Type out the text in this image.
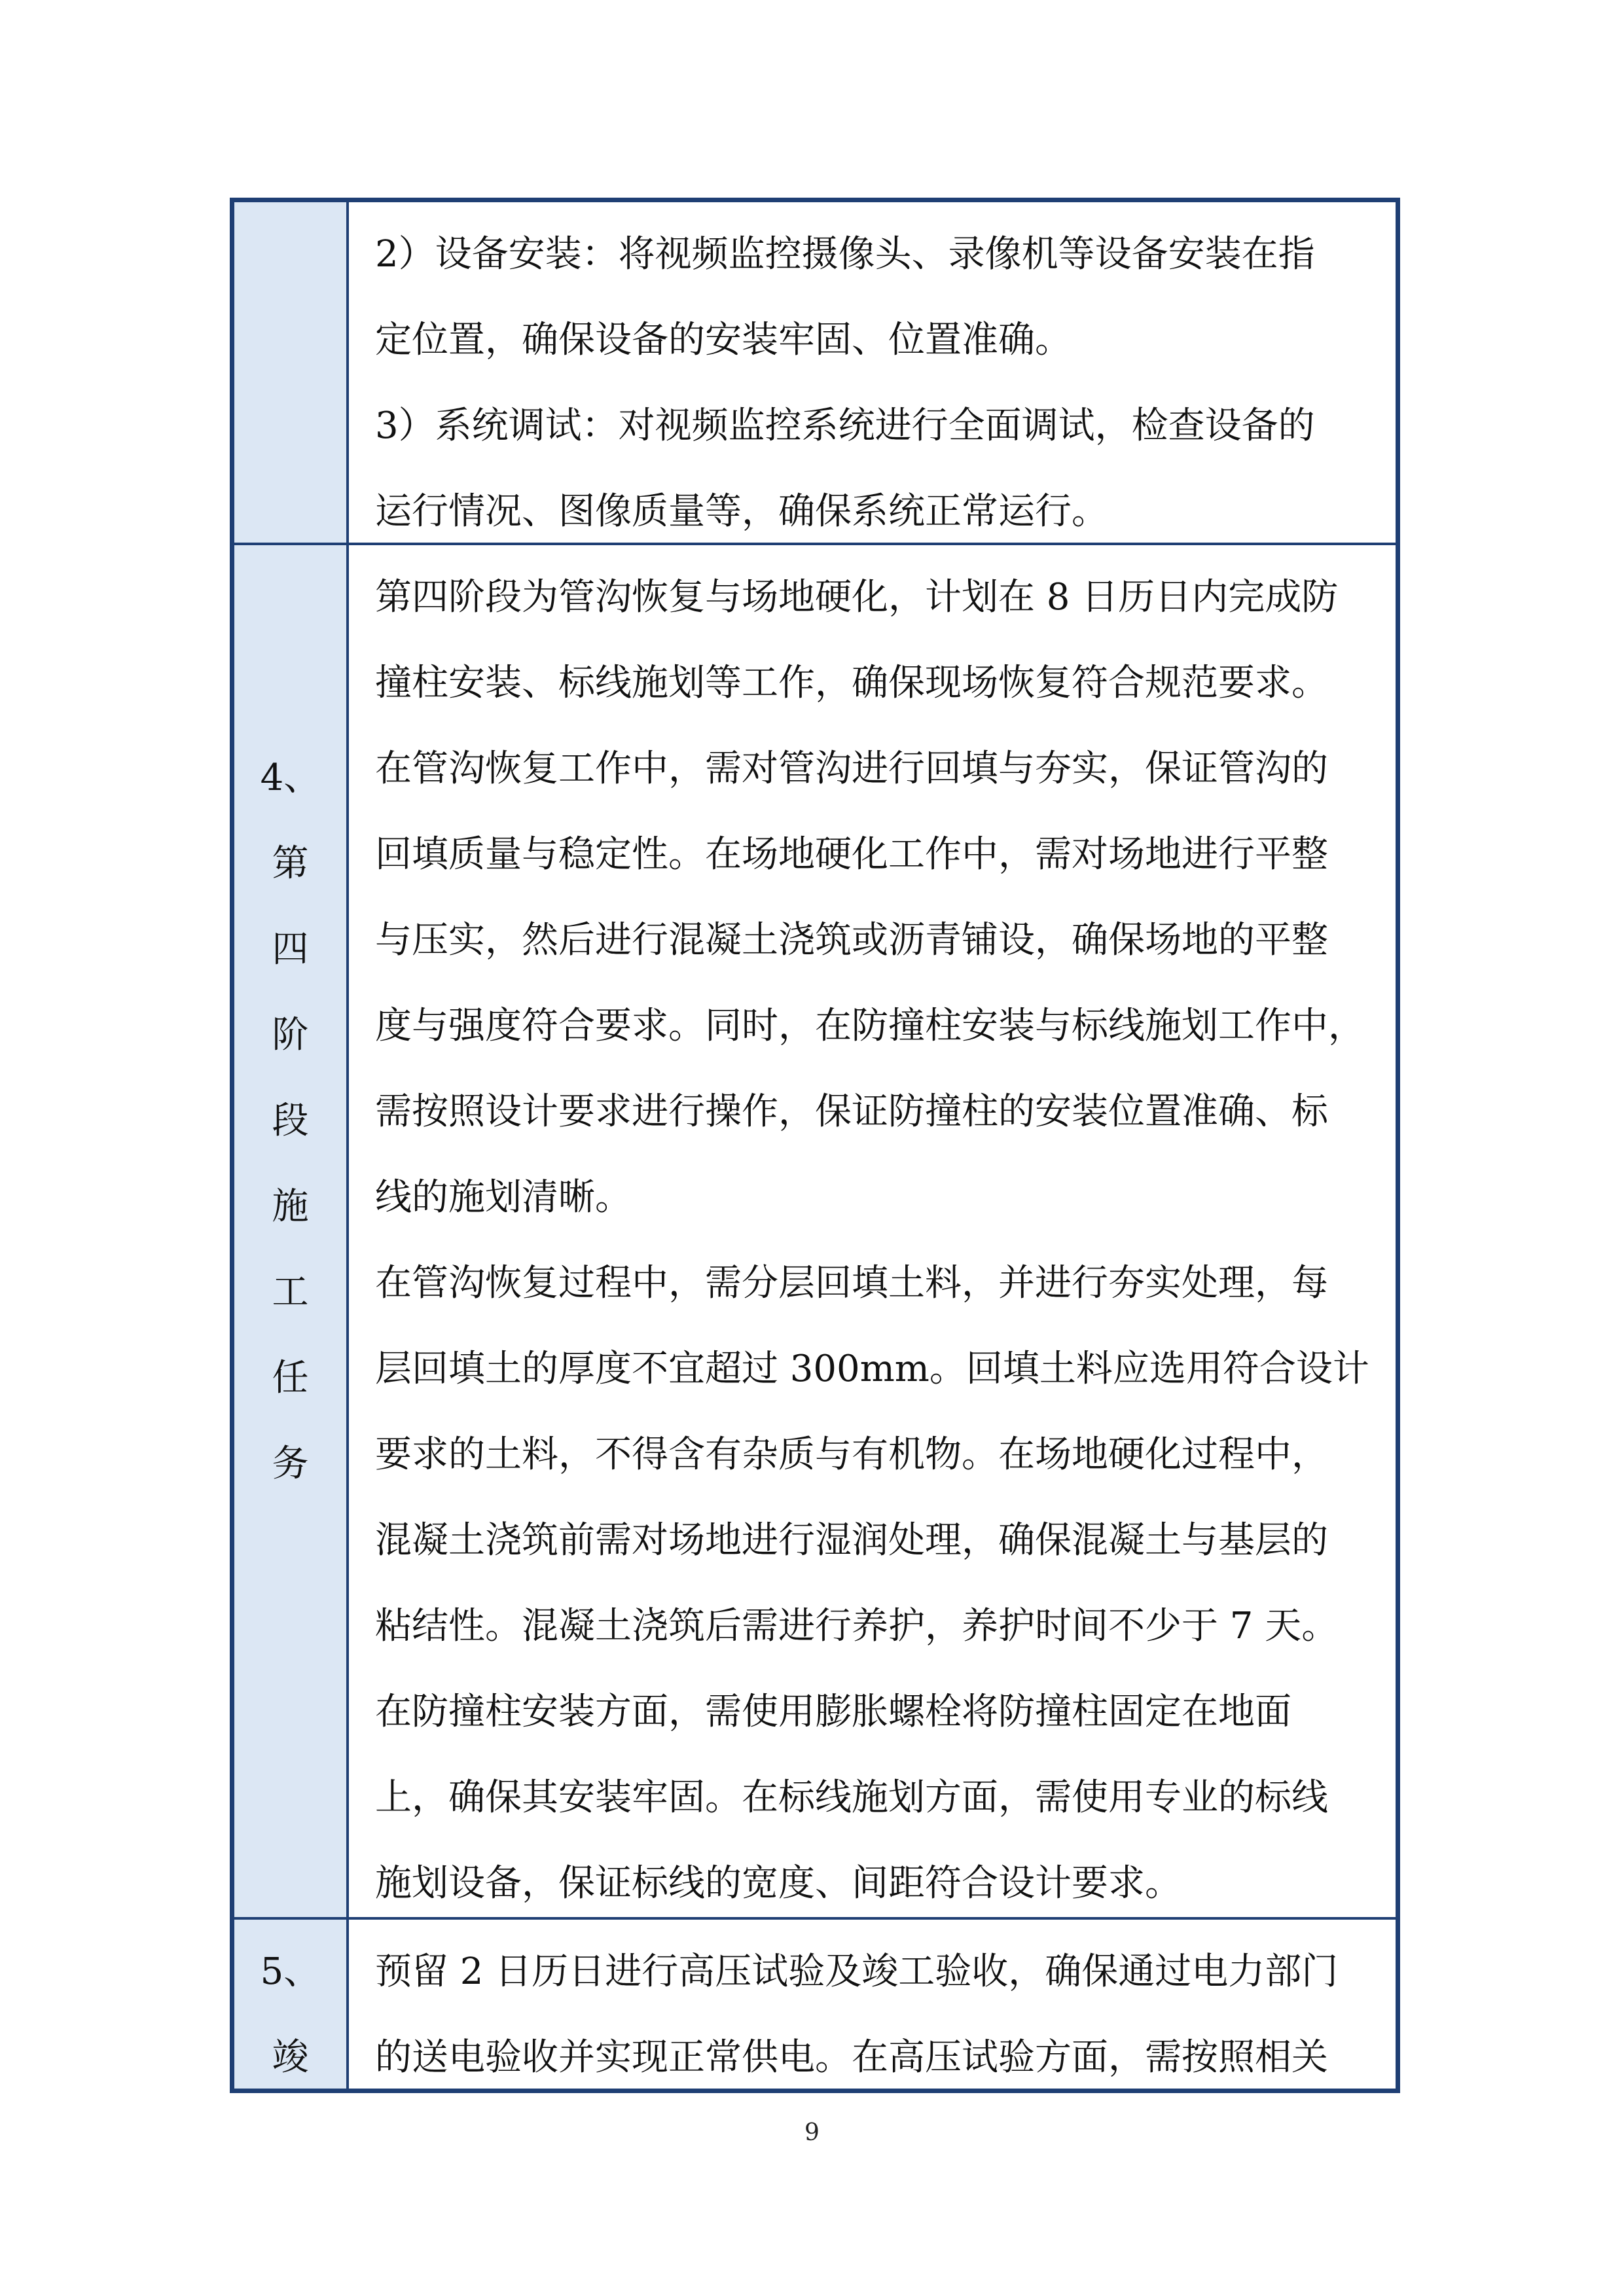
2）设备安装：将视频监控摄像头、录像机等设备安装在指
定位置，确保设备的安装牢固、位置准确。
3）系统调试：对视频监控系统进行全面调试，检查设备的
运行情况、图像质量等，确保系统正常运行。
4、
第
四
阶
段
施
工
任
务
第四阶段为管沟恢复与场地硬化，计划在 8 日历日内完成防
撞柱安装、标线施划等工作，确保现场恢复符合规范要求。
在管沟恢复工作中，需对管沟进行回填与夯实，保证管沟的
回填质量与稳定性。在场地硬化工作中，需对场地进行平整
与压实，然后进行混凝土浇筑或沥青铺设，确保场地的平整
度与强度符合要求。同时，在防撞柱安装与标线施划工作中，
需按照设计要求进行操作，保证防撞柱的安装位置准确、标
线的施划清晰。
在管沟恢复过程中，需分层回填土料，并进行夯实处理，每
层回填土的厚度不宜超过 300mm。回填土料应选用符合设计
要求的土料，不得含有杂质与有机物。在场地硬化过程中，
混凝土浇筑前需对场地进行湿润处理，确保混凝土与基层的
粘结性。混凝土浇筑后需进行养护，养护时间不少于 7 天。
在防撞柱安装方面，需使用膨胀螺栓将防撞柱固定在地面
上，确保其安装牢固。在标线施划方面，需使用专业的标线
施划设备，保证标线的宽度、间距符合设计要求。
5、
竣
预留 2 日历日进行高压试验及竣工验收，确保通过电力部门
的送电验收并实现正常供电。在高压试验方面，需按照相关
9
